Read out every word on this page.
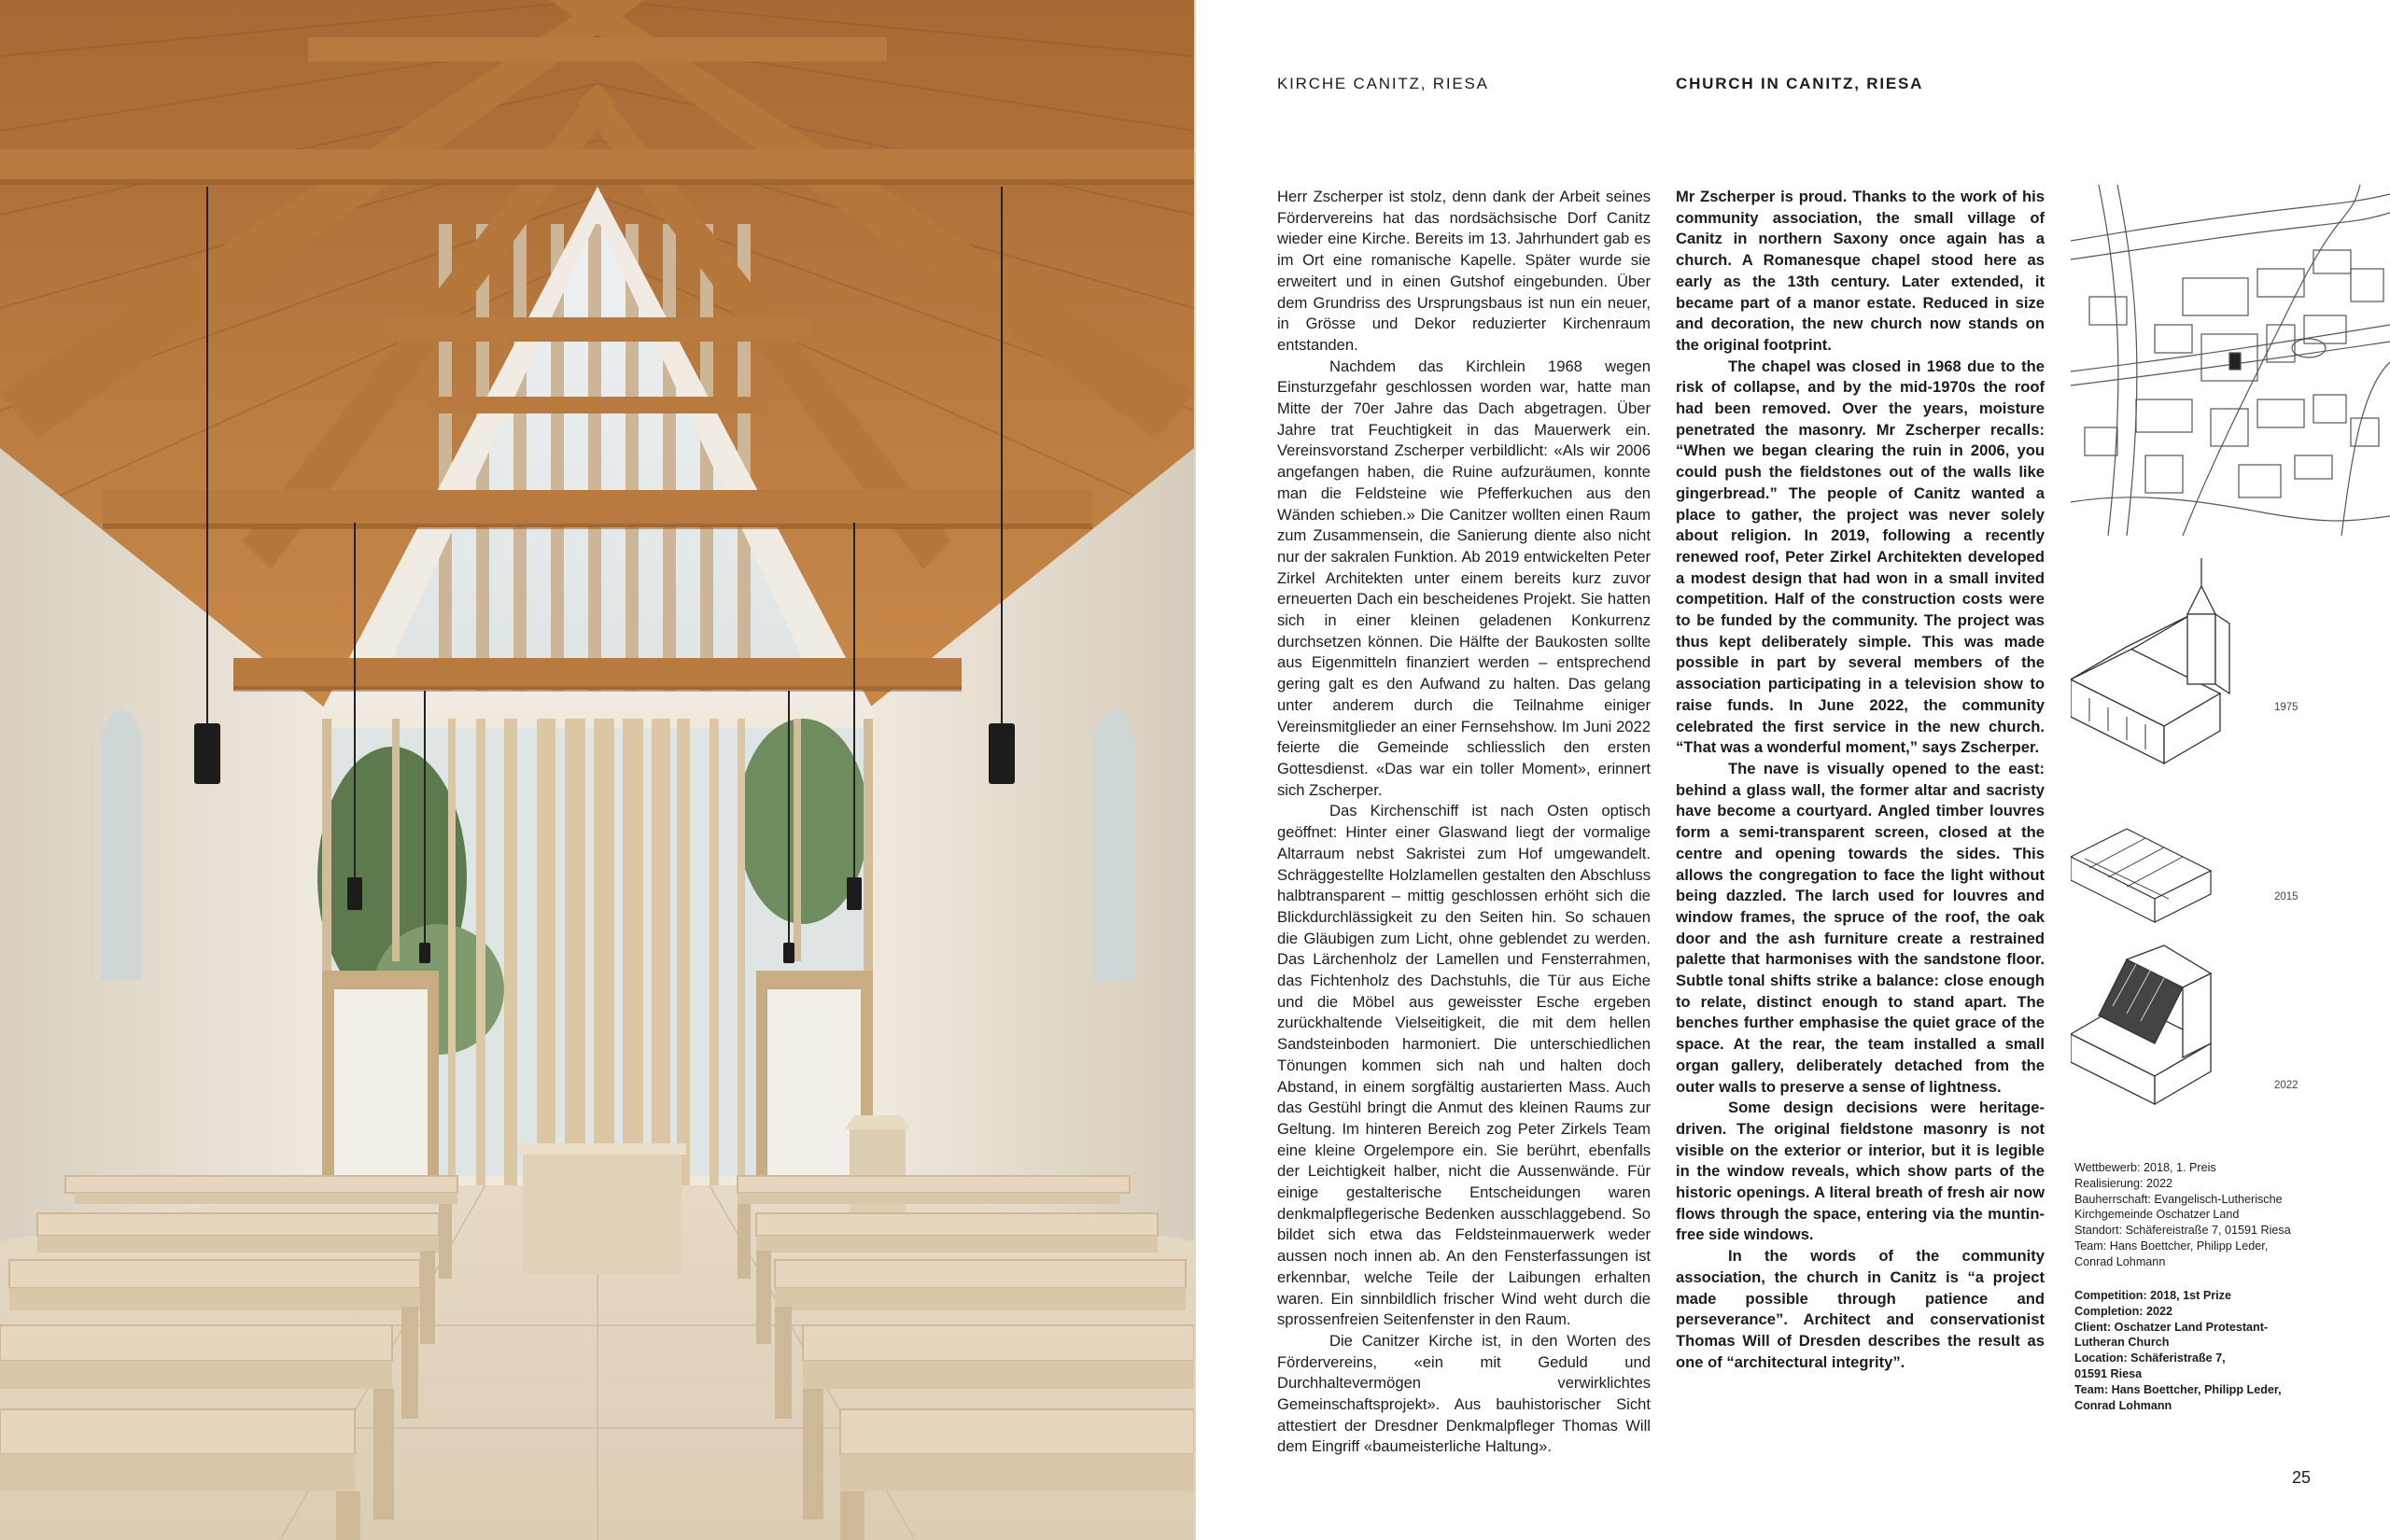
KIRCHE CANITZ, RIESA	CHURCH IN CANITZ, RIESA

Herr Zscherper ist stolz, denn dank der Arbeit seines Fördervereins hat das nordsächsische Dorf Canitz wieder eine Kirche. Bereits im 13. Jahrhundert gab es im Ort eine romanische Kapelle. Später wurde sie erweitert und in einen Gutshof eingebunden. Über dem Grundriss des Ursprungsbaus ist nun ein neuer, in Grösse und Dekor reduzierter Kirchenraum entstanden.

Nachdem das Kirchlein 1968 wegen Einsturzgefahr geschlossen worden war, hatte man Mitte der 70er Jahre das Dach abgetragen. Über Jahre trat Feuchtigkeit in das Mauerwerk ein. Vereinsvorstand Zscherper verbildlicht: «Als wir 2006 angefangen haben, die Ruine aufzuräumen, konnte man die Feldsteine wie Pfefferkuchen aus den Wänden schieben.» Die Canitzer wollten einen Raum zum Zusammensein, die Sanierung diente also nicht nur der sakralen Funktion. Ab 2019 entwickelten Peter Zirkel Architekten unter einem bereits kurz zuvor erneuerten Dach ein bescheidenes Projekt. Sie hatten sich in einer kleinen geladenen Konkurrenz durchsetzen können. Die Hälfte der Baukosten sollte aus Eigenmitteln finanziert werden – entsprechend gering galt es den Aufwand zu halten. Das gelang unter anderem durch die Teilnahme einiger Vereinsmitglieder an einer Fernsehshow. Im Juni 2022 feierte die Gemeinde schliesslich den ersten Gottesdienst. «Das war ein toller Moment», erinnert sich Zscherper.

Das Kirchenschiff ist nach Osten optisch geöffnet: Hinter einer Glaswand liegt der vormalige Altarraum nebst Sakristei zum Hof umgewandelt. Schräggestellte Holzlamellen gestalten den Abschluss halbtransparent – mittig geschlossen erhöht sich die Blickdurchlässigkeit zu den Seiten hin. So schauen die Gläubigen zum Licht, ohne geblendet zu werden. Das Lärchenholz der Lamellen und Fensterrahmen, das Fichtenholz des Dachstuhls, die Tür aus Eiche und die Möbel aus geweisster Esche ergeben zurückhaltende Vielseitigkeit, die mit dem hellen Sandsteinboden harmoniert. Die unterschiedlichen Tönungen kommen sich nah und halten doch Abstand, in einem sorgfältig austarierten Mass. Auch das Gestühl bringt die Anmut des kleinen Raums zur Geltung. Im hinteren Bereich zog Peter Zirkels Team eine kleine Orgelempore ein. Sie berührt, ebenfalls der Leichtigkeit halber, nicht die Aussenwände. Für einige gestalterische Entscheidungen waren denkmalpflegerische Bedenken ausschlaggebend. So bildet sich etwa das Feldsteinmauerwerk weder aussen noch innen ab. An den Fensterfassungen ist erkennbar, welche Teile der Laibungen erhalten waren. Ein sinnbildlich frischer Wind weht durch die sprossenfreien Seitenfenster in den Raum.

Die Canitzer Kirche ist, in den Worten des Fördervereins, «ein mit Geduld und Durchhaltevermögen verwirklichtes Gemeinschaftsprojekt». Aus bauhistorischer Sicht attestiert der Dresdner Denkmalpfleger Thomas Will dem Eingriff «baumeisterliche Haltung».

Mr Zscherper is proud. Thanks to the work of his community association, the small village of Canitz in northern Saxony once again has a church. A Romanesque chapel stood here as early as the 13th century. Later extended, it became part of a manor estate. Reduced in size and decoration, the new church now stands on the original footprint.

The chapel was closed in 1968 due to the risk of collapse, and by the mid-1970s the roof had been removed. Over the years, moisture penetrated the masonry. Mr Zscherper recalls: “When we began clearing the ruin in 2006, you could push the fieldstones out of the walls like gingerbread.” The people of Canitz wanted a place to gather, the project was never solely about religion. In 2019, following a recently renewed roof, Peter Zirkel Architekten developed a modest design that had won in a small invited competition. Half of the construction costs were to be funded by the community. The project was thus kept deliberately simple. This was made possible in part by several members of the association participating in a television show to raise funds. In June 2022, the community celebrated the first service in the new church. “That was a wonderful moment,” says Zscherper.

The nave is visually opened to the east: behind a glass wall, the former altar and sacristy have become a courtyard. Angled timber louvres form a semi-transparent screen, closed at the centre and opening towards the sides. This allows the congregation to face the light without being dazzled. The larch used for louvres and window frames, the spruce of the roof, the oak door and the ash furniture create a restrained palette that harmonises with the sandstone floor. Subtle tonal shifts strike a balance: close enough to relate, distinct enough to stand apart. The benches further emphasise the quiet grace of the space. At the rear, the team installed a small organ gallery, deliberately detached from the outer walls to preserve a sense of lightness.

Some design decisions were heritage-driven. The original fieldstone masonry is not visible on the exterior or interior, but it is legible in the window reveals, which show parts of the historic openings. A literal breath of fresh air now flows through the space, entering via the muntin-free side windows.

In the words of the community association, the church in Canitz is “a project made possible through patience and perseverance”. Architect and conservationist Thomas Will of Dresden describes the result as one of “architectural integrity”.

1975
2015
2022
Wettbewerb: 2018, 1. Preis
Realisierung: 2022
Bauherrschaft: Evangelisch-Lutherische
Kirchgemeinde Oschatzer Land
Standort: Schäfereistraße 7, 01591 Riesa
Team: Hans Boettcher, Philipp Leder,
Conrad Lohmann
Competition: 2018, 1st Prize
Completion: 2022
Client: Oschatzer Land Protestant-
Lutheran Church
Location: Schäferistraße 7,
01591 Riesa
Team: Hans Boettcher, Philipp Leder,
Conrad Lohmann
25
